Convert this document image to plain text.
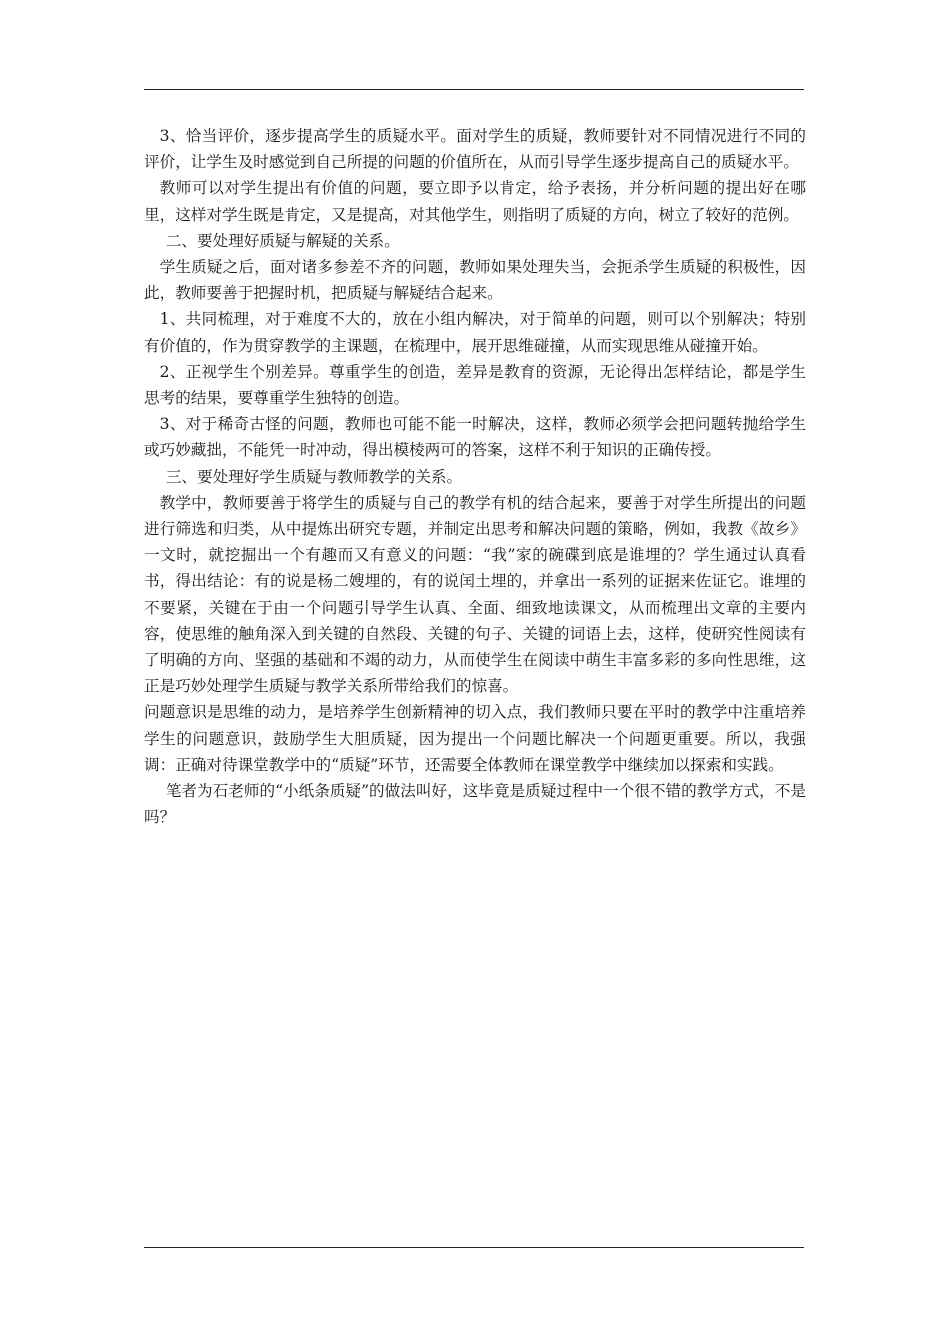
3、恰当评价，逐步提高学生的质疑水平。面对学生的质疑，教师要针对不同情况进行不同的评价，让学生及时感觉到自己所提的问题的价值所在，从而引导学生逐步提高自己的质疑水平。

教师可以对学生提出有价值的问题，要立即予以肯定，给予表扬，并分析问题的提出好在哪里，这样对学生既是肯定，又是提高，对其他学生，则指明了质疑的方向，树立了较好的范例。

二、要处理好质疑与解疑的关系。

学生质疑之后，面对诸多参差不齐的问题，教师如果处理失当，会扼杀学生质疑的积极性，因此，教师要善于把握时机，把质疑与解疑结合起来。

1、共同梳理，对于难度不大的，放在小组内解决，对于简单的问题，则可以个别解决；特别有价值的，作为贯穿教学的主课题，在梳理中，展开思维碰撞，从而实现思维从碰撞开始。

2、正视学生个别差异。尊重学生的创造，差异是教育的资源，无论得出怎样结论，都是学生思考的结果，要尊重学生独特的创造。

3、对于稀奇古怪的问题，教师也可能不能一时解决，这样，教师必须学会把问题转抛给学生或巧妙藏拙，不能凭一时冲动，得出模棱两可的答案，这样不利于知识的正确传授。

三、要处理好学生质疑与教师教学的关系。

教学中，教师要善于将学生的质疑与自己的教学有机的结合起来，要善于对学生所提出的问题进行筛选和归类，从中提炼出研究专题，并制定出思考和解决问题的策略，例如，我教《故乡》一文时，就挖掘出一个有趣而又有意义的问题：“我”家的碗碟到底是谁埋的？学生通过认真看书，得出结论：有的说是杨二嫂埋的，有的说闰土埋的，并拿出一系列的证据来佐证它。谁埋的不要紧，关键在于由一个问题引导学生认真、全面、细致地读课文，从而梳理出文章的主要内容，使思维的触角深入到关键的自然段、关键的句子、关键的词语上去，这样，使研究性阅读有了明确的方向、坚强的基础和不竭的动力，从而使学生在阅读中萌生丰富多彩的多向性思维，这正是巧妙处理学生质疑与教学关系所带给我们的惊喜。

问题意识是思维的动力，是培养学生创新精神的切入点，我们教师只要在平时的教学中注重培养学生的问题意识，鼓励学生大胆质疑，因为提出一个问题比解决一个问题更重要。所以，我强调：正确对待课堂教学中的“质疑”环节，还需要全体教师在课堂教学中继续加以探索和实践。

笔者为石老师的“小纸条质疑”的做法叫好，这毕竟是质疑过程中一个很不错的教学方式，不是吗？
